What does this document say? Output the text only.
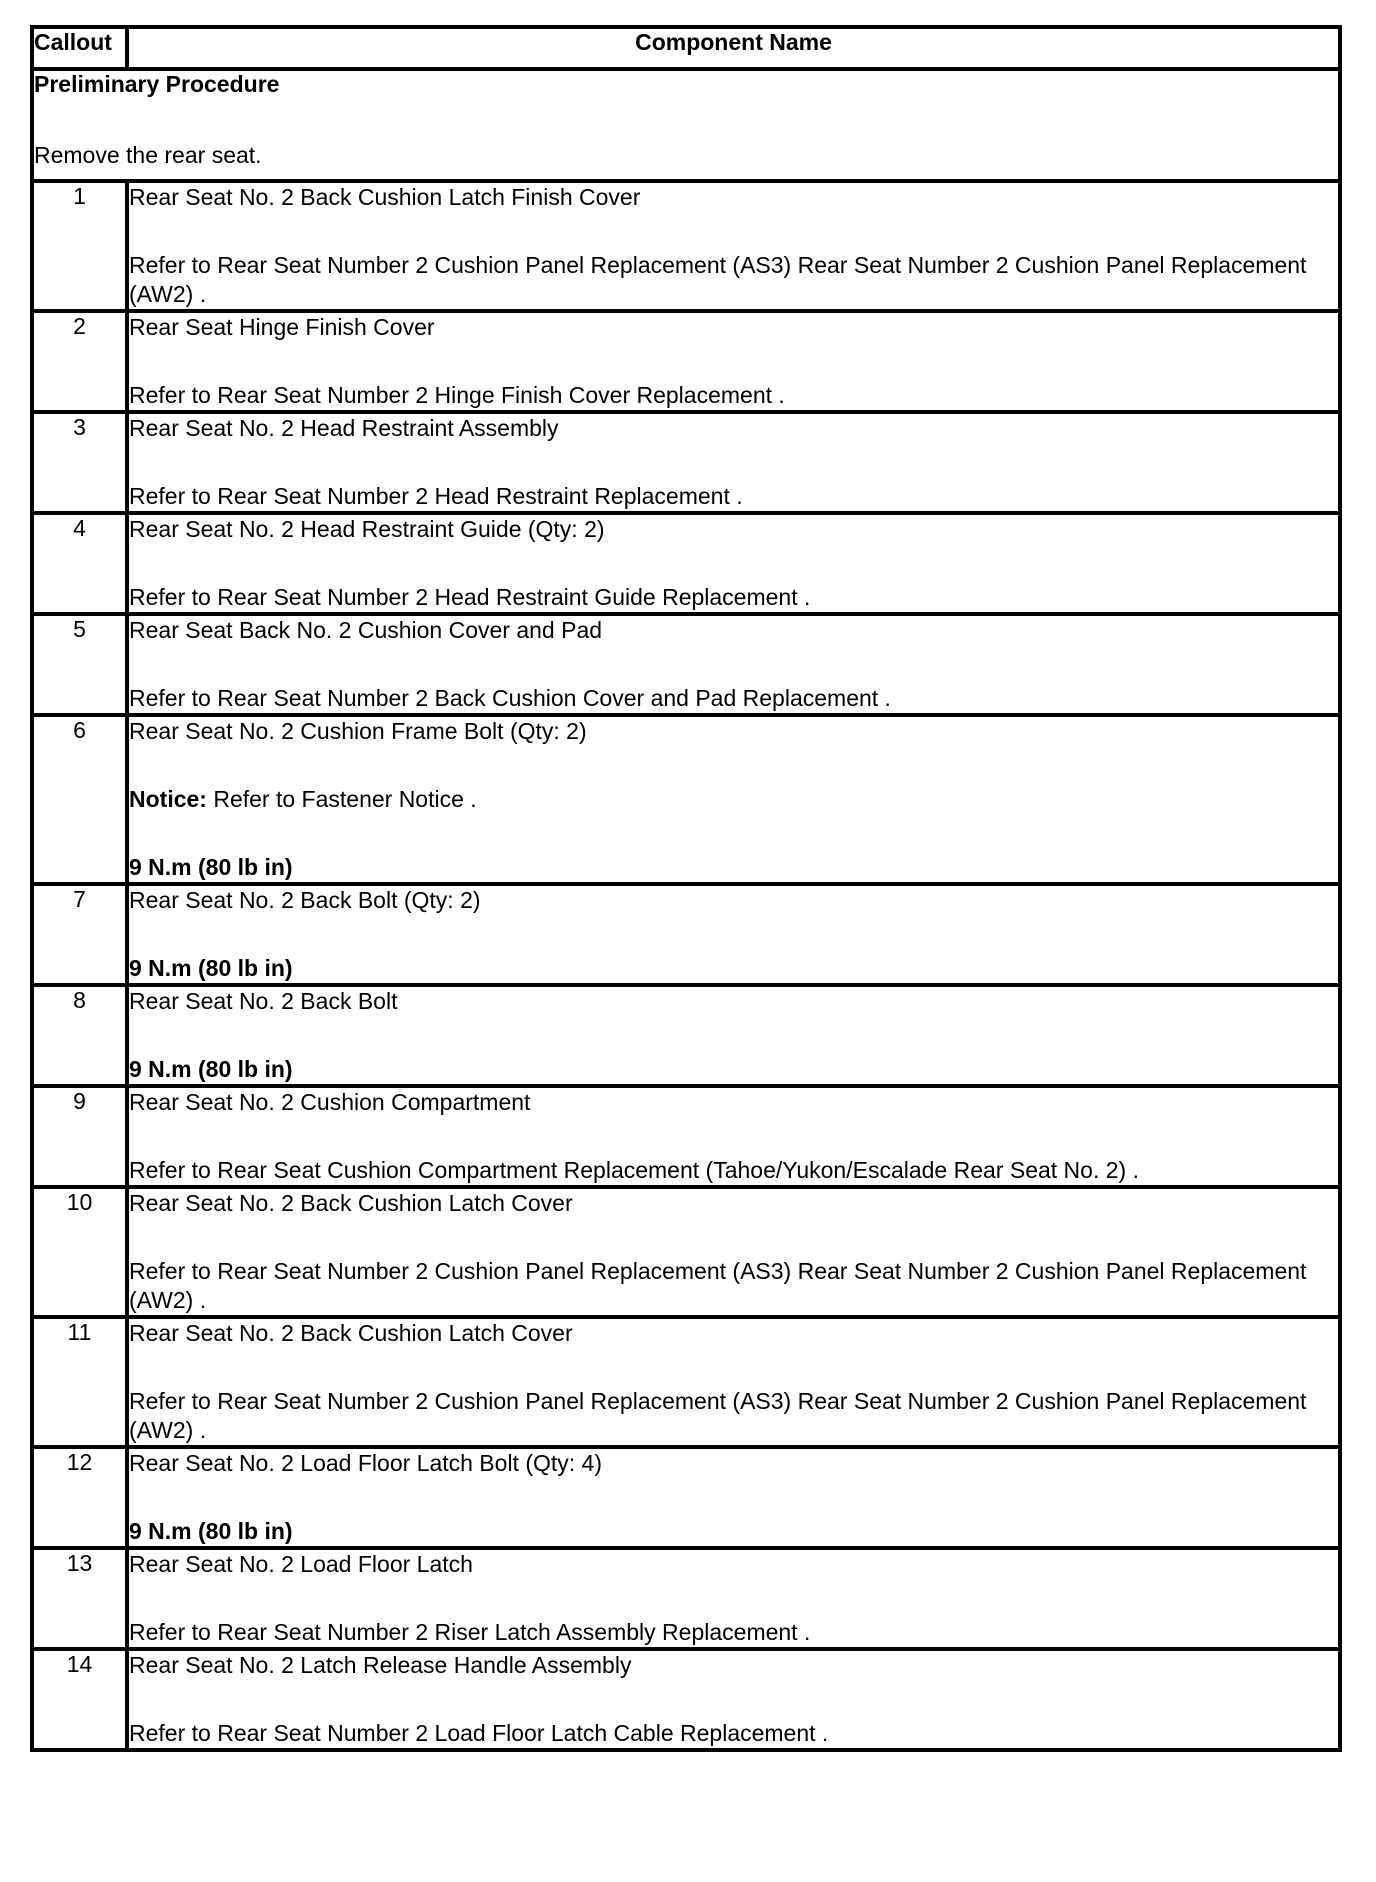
Callout	Component Name

Preliminary Procedure
Remove the rear seat.	

1	Rear Seat No. 2 Back Cushion Latch Finish Cover
Refer to Rear Seat Number 2 Cushion Panel Replacement (AS3) Rear Seat Number 2 Cushion Panel Replacement (AW2) .

2	Rear Seat Hinge Finish Cover
Refer to Rear Seat Number 2 Hinge Finish Cover Replacement .

3	Rear Seat No. 2 Head Restraint Assembly
Refer to Rear Seat Number 2 Head Restraint Replacement .

4	Rear Seat No. 2 Head Restraint Guide (Qty: 2)
Refer to Rear Seat Number 2 Head Restraint Guide Replacement .

5	Rear Seat Back No. 2 Cushion Cover and Pad
Refer to Rear Seat Number 2 Back Cushion Cover and Pad Replacement .

6	Rear Seat No. 2 Cushion Frame Bolt (Qty: 2)
Notice: Refer to Fastener Notice .
9 N.m (80 lb in)

7	Rear Seat No. 2 Back Bolt (Qty: 2)
9 N.m (80 lb in)

8	Rear Seat No. 2 Back Bolt
9 N.m (80 lb in)

9	Rear Seat No. 2 Cushion Compartment
Refer to Rear Seat Cushion Compartment Replacement (Tahoe/Yukon/Escalade Rear Seat No. 2) .

10	Rear Seat No. 2 Back Cushion Latch Cover
Refer to Rear Seat Number 2 Cushion Panel Replacement (AS3) Rear Seat Number 2 Cushion Panel Replacement (AW2) .

11	Rear Seat No. 2 Back Cushion Latch Cover
Refer to Rear Seat Number 2 Cushion Panel Replacement (AS3) Rear Seat Number 2 Cushion Panel Replacement (AW2) .

12	Rear Seat No. 2 Load Floor Latch Bolt (Qty: 4)
9 N.m (80 lb in)

13	Rear Seat No. 2 Load Floor Latch
Refer to Rear Seat Number 2 Riser Latch Assembly Replacement .

14	Rear Seat No. 2 Latch Release Handle Assembly
Refer to Rear Seat Number 2 Load Floor Latch Cable Replacement .
